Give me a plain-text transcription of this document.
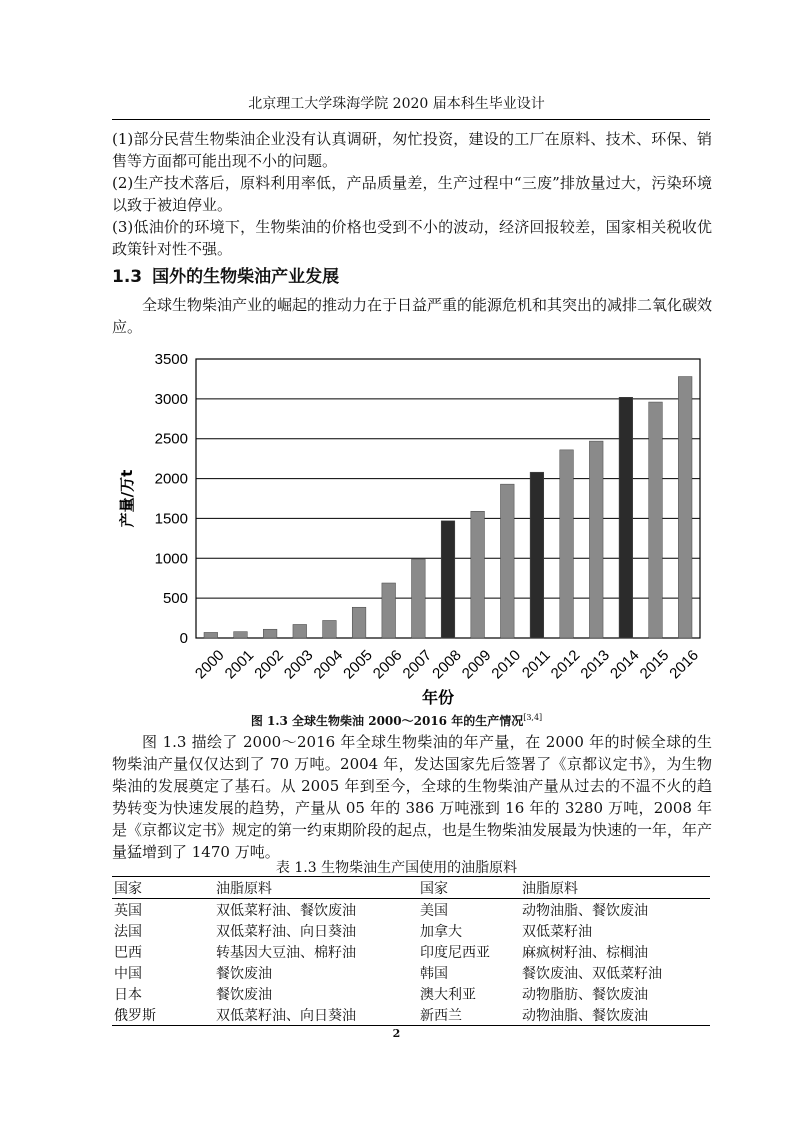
北京理工大学珠海学院 2020 届本科生毕业设计

(1)部分民营生物柴油企业没有认真调研，匆忙投资，建设的工厂在原料、技术、环保、销售等方面都可能出现不小的问题。

(2)生产技术落后，原料利用率低，产品质量差，生产过程中“三废”排放量过大，污染环境以致于被迫停业。

(3)低油价的环境下，生物柴油的价格也受到不小的波动，经济回报较差，国家相关税收优政策针对性不强。

1.3 国外的生物柴油产业发展

全球生物柴油产业的崛起的推动力在于日益严重的能源危机和其突出的减排二氧化碳效应。

0
500
1000
1500
2000
2500
3000
3500
2000
2001
2002
2003
2004
2005
2006
2007
2008
2009
2010
2011
2012
2013
2014
2015
2016
年份
产量/万t
图 1.3 全球生物柴油 2000～2016 年的生产情况[3,4]

图 1.3 描绘了 2000～2016 年全球生物柴油的年产量，在 2000 年的时候全球的生物柴油产量仅仅达到了 70 万吨。2004 年，发达国家先后签署了《京都议定书》，为生物柴油的发展奠定了基石。从 2005 年到至今，全球的生物柴油产量从过去的不温不火的趋势转变为快速发展的趋势，产量从 05 年的 386 万吨涨到 16 年的 3280 万吨，2008 年是《京都议定书》规定的第一约束期阶段的起点，也是生物柴油发展最为快速的一年，年产量猛增到了 1470 万吨。

表 1.3 生物柴油生产国使用的油脂原料
国家	油脂原料	国家	油脂原料
英国	双低菜籽油、餐饮废油	美国	动物油脂、餐饮废油
法国	双低菜籽油、向日葵油	加拿大	双低菜籽油
巴西	转基因大豆油、棉籽油	印度尼西亚	麻疯树籽油、棕榈油
中国	餐饮废油	韩国	餐饮废油、双低菜籽油
日本	餐饮废油	澳大利亚	动物脂肪、餐饮废油
俄罗斯	双低菜籽油、向日葵油	新西兰	动物油脂、餐饮废油
2
